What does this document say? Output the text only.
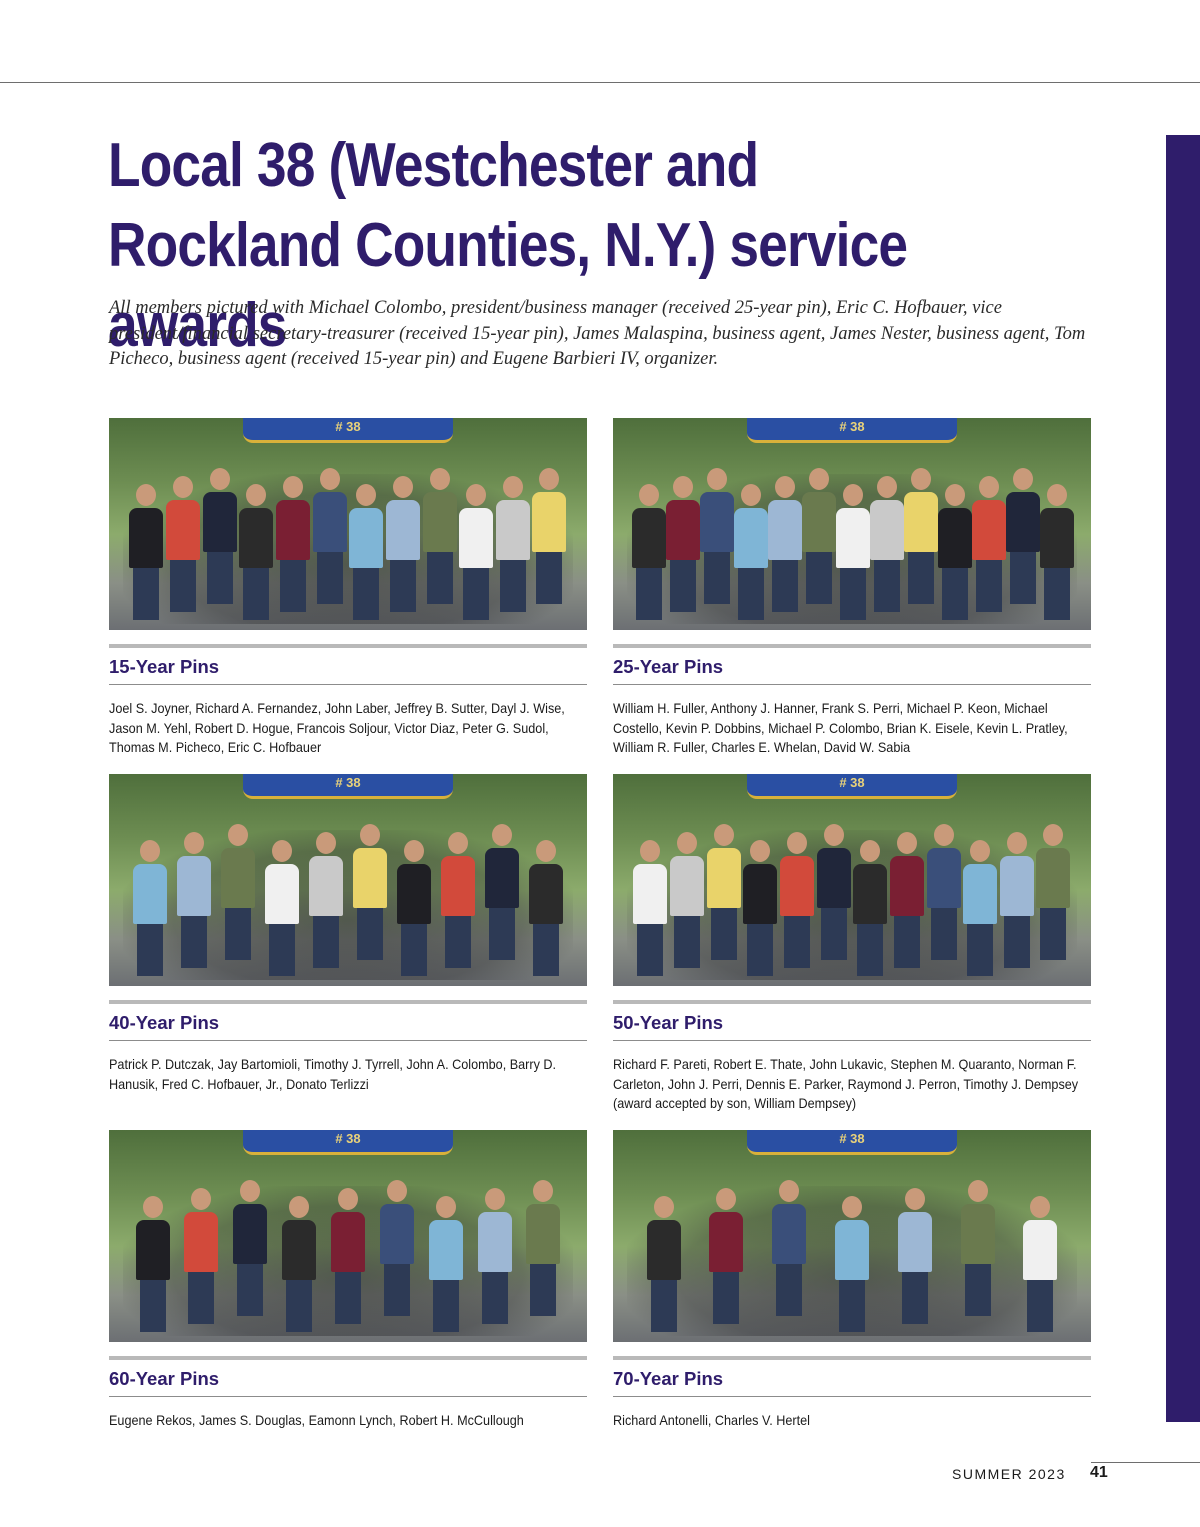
Local 38 (Westchester and Rockland Counties, N.Y.) service awards

All members pictured with Michael Colombo, president/business manager (received 25-year pin), Eric C. Hofbauer, vice president/financial secretary-treasurer (received 15-year pin), James Malaspina, business agent, James Nester, business agent, Tom Picheco, business agent (received 15-year pin) and Eugene Barbieri IV, organizer.

# 38
15-Year Pins

Joel S. Joyner, Richard A. Fernandez, John Laber, Jeffrey B. Sutter, Dayl J. Wise, Jason M. Yehl, Robert D. Hogue, Francois Soljour, Victor Diaz, Peter G. Sudol, Thomas M. Picheco, Eric C. Hofbauer

# 38
25-Year Pins

William H. Fuller, Anthony J. Hanner, Frank S. Perri, Michael P. Keon, Michael Costello, Kevin P. Dobbins, Michael P. Colombo, Brian K. Eisele, Kevin L. Pratley, William R. Fuller, Charles E. Whelan, David W. Sabia

# 38
40-Year Pins

Patrick P. Dutczak, Jay Bartomioli, Timothy J. Tyrrell, John A. Colombo, Barry D. Hanusik, Fred C. Hofbauer, Jr., Donato Terlizzi

# 38
50-Year Pins

Richard F. Pareti, Robert E. Thate, John Lukavic, Stephen M. Quaranto, Norman F. Carleton, John J. Perri, Dennis E. Parker, Raymond J. Perron, Timothy J. Dempsey (award accepted by son, William Dempsey)

# 38
60-Year Pins

Eugene Rekos, James S. Douglas, Eamonn Lynch, Robert H. McCullough

# 38
70-Year Pins

Richard Antonelli, Charles V. Hertel

SUMMER 2023 41
